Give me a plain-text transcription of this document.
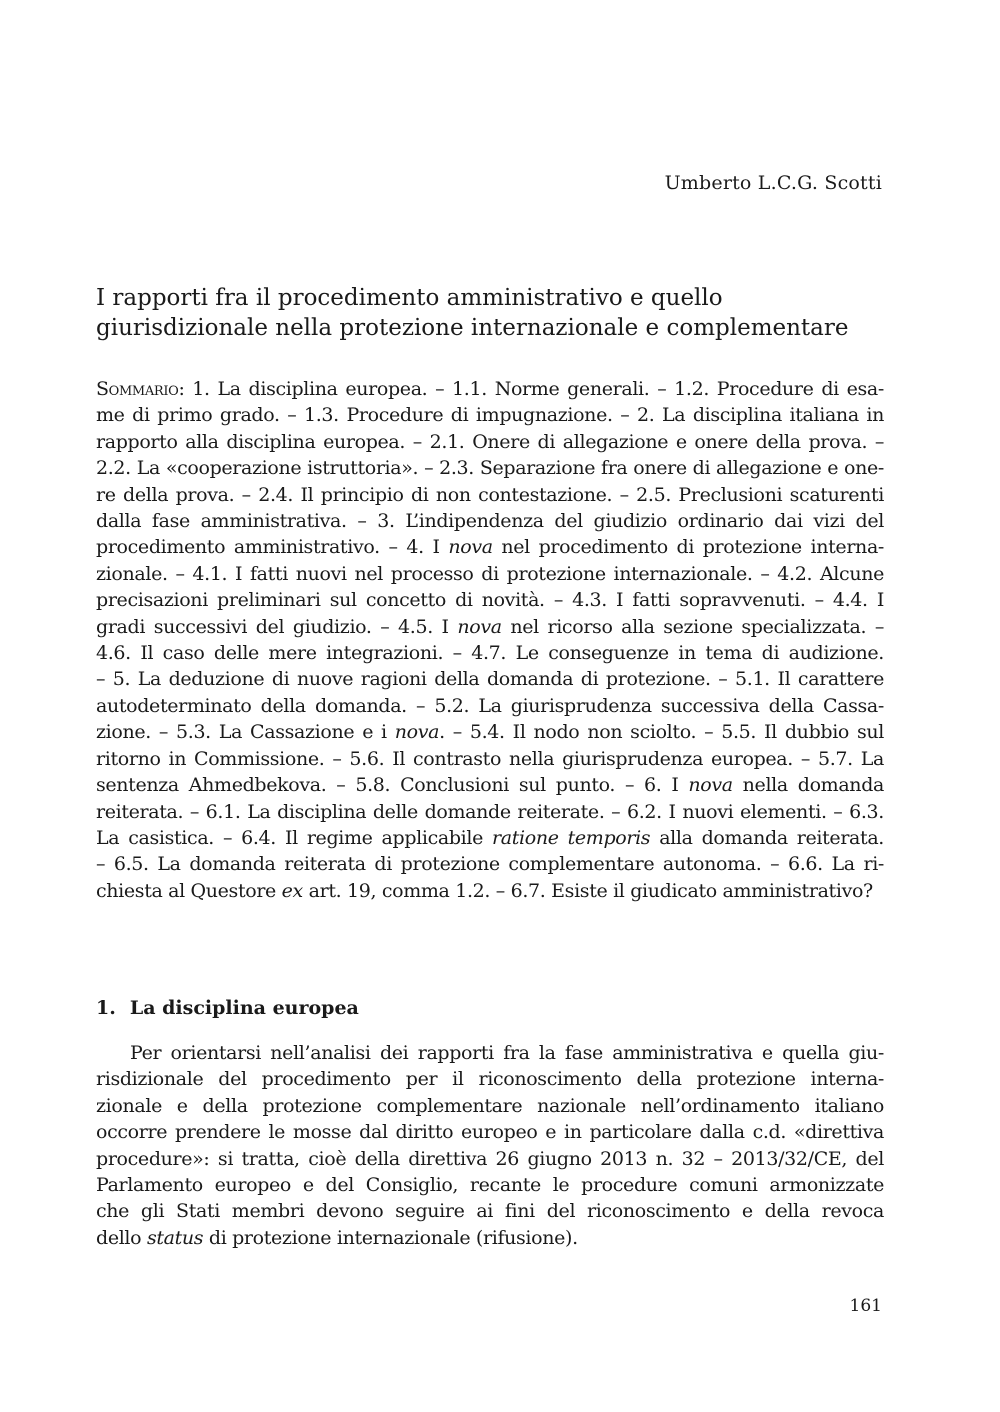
Umberto L.C.G. Scotti
I rapporti fra il procedimento amministrativo e quello
giurisdizionale nella protezione internazionale e complementare
Sommario: 1. La disciplina europea. – 1.1. Norme generali. – 1.2. Procedure di esa-
me di primo grado. – 1.3. Procedure di impugnazione. – 2. La disciplina italiana in
rapporto alla disciplina europea. – 2.1. Onere di allegazione e onere della prova. –
2.2. La «cooperazione istruttoria». – 2.3. Separazione fra onere di allegazione e one-
re della prova. – 2.4. Il principio di non contestazione. – 2.5. Preclusioni scaturenti
dalla fase amministrativa. – 3. L’indipendenza del giudizio ordinario dai vizi del
procedimento amministrativo. – 4. I nova nel procedimento di protezione interna-
zionale. – 4.1. I fatti nuovi nel processo di protezione internazionale. – 4.2. Alcune
precisazioni preliminari sul concetto di novità. – 4.3. I fatti sopravvenuti. – 4.4. I
gradi successivi del giudizio. – 4.5. I nova nel ricorso alla sezione specializzata. –
4.6. Il caso delle mere integrazioni. – 4.7. Le conseguenze in tema di audizione.
– 5. La deduzione di nuove ragioni della domanda di protezione. – 5.1. Il carattere
autodeterminato della domanda. – 5.2. La giurisprudenza successiva della Cassa-
zione. – 5.3. La Cassazione e i nova. – 5.4. Il nodo non sciolto. – 5.5. Il dubbio sul
ritorno in Commissione. – 5.6. Il contrasto nella giurisprudenza europea. – 5.7. La
sentenza Ahmedbekova. – 5.8. Conclusioni sul punto. – 6. I nova nella domanda
reiterata. – 6.1. La disciplina delle domande reiterate. – 6.2. I nuovi elementi. – 6.3.
La casistica. – 6.4. Il regime applicabile ratione temporis alla domanda reiterata.
– 6.5. La domanda reiterata di protezione complementare autonoma. – 6.6. La ri-
chiesta al Questore ex art. 19, comma 1.2. – 6.7. Esiste il giudicato amministrativo?
1. La disciplina europea
Per orientarsi nell’analisi dei rapporti fra la fase amministrativa e quella giu-
risdizionale del procedimento per il riconoscimento della protezione interna-
zionale e della protezione complementare nazionale nell’ordinamento italiano
occorre prendere le mosse dal diritto europeo e in particolare dalla c.d. «direttiva
procedure»: si tratta, cioè della direttiva 26 giugno 2013 n. 32 – 2013/32/CE, del
Parlamento europeo e del Consiglio, recante le procedure comuni armonizzate
che gli Stati membri devono seguire ai fini del riconoscimento e della revoca
dello status di protezione internazionale (rifusione).
161
